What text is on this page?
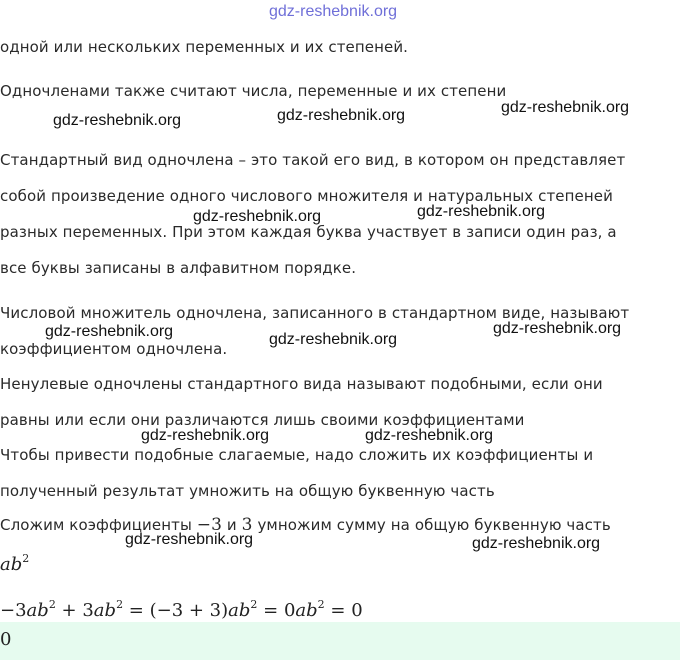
gdz-reshebnik.org
одной или нескольких переменных и их степеней.
Одночленами также считают числа, переменные и их степени
Стандартный вид одночлена – это такой его вид, в котором он представляет
собой произведение одного числового множителя и натуральных степеней
разных переменных. При этом каждая буква участвует в записи один раз, а
все буквы записаны в алфавитном порядке.
Числовой множитель одночлена, записанного в стандартном виде, называют
коэффициентом одночлена.
Ненулевые одночлены стандартного вида называют подобными, если они
равны или если они различаются лишь своими коэффициентами
Чтобы привести подобные слагаемые, надо сложить их коэффициенты и
полученный результат умножить на общую буквенную часть
Сложим коэффициенты −3 и 3 умножим сумму на общую буквенную часть
$ab^2$
$-3ab^2 + 3ab^2 = (-3 + 3)ab^2 = 0ab^2 = 0$
0
gdz-reshebnik.org	gdz-reshebnik.org	gdz-reshebnik.org
gdz-reshebnik.org	gdz-reshebnik.org
gdz-reshebnik.org	gdz-reshebnik.org
gdz-reshebnik.org
gdz-reshebnik.org	gdz-reshebnik.org
gdz-reshebnik.org	gdz-reshebnik.org
